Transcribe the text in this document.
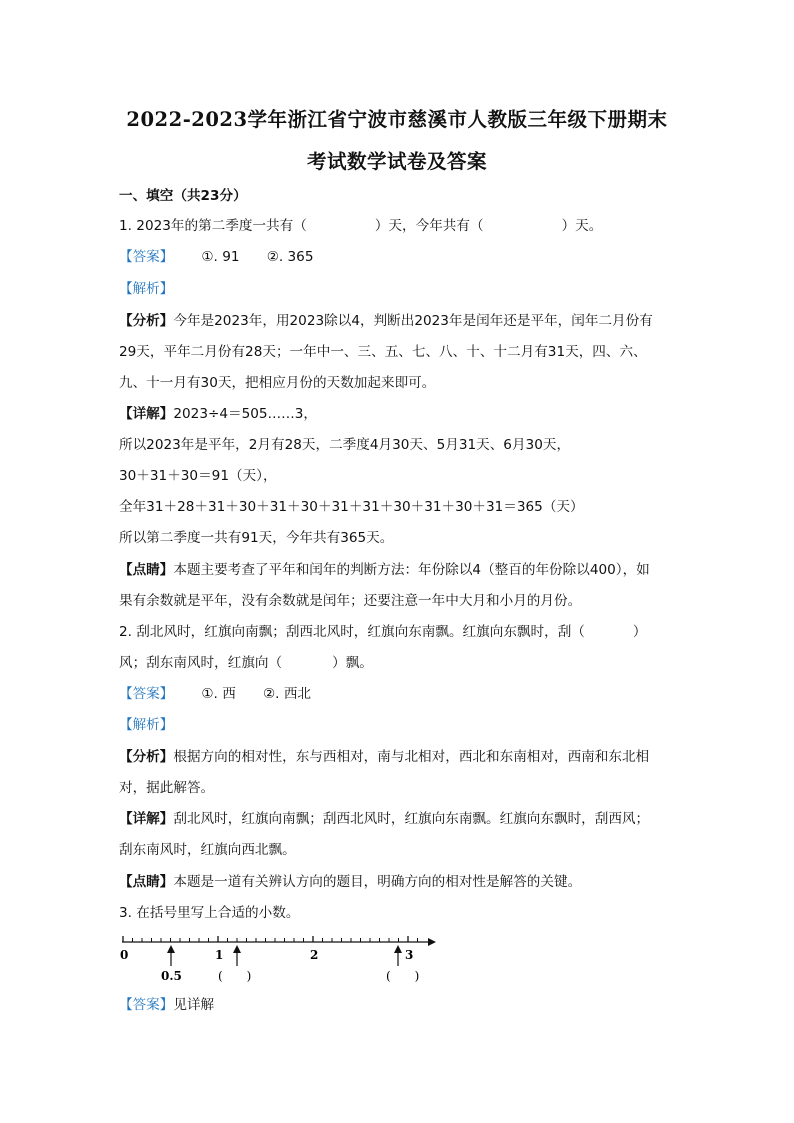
2022-2023学年浙江省宁波市慈溪市人教版三年级下册期末
考试数学试卷及答案
一、填空（共23分）
1. 2023年的第二季度一共有（	）天，今年共有（	）天。
【答案】 ①. 91　　②. 365
【解析】
【分析】今年是2023年，用2023除以4，判断出2023年是闰年还是平年，闰年二月份有
29天，平年二月份有28天；一年中一、三、五、七、八、十、十二月有31天，四、六、
九、十一月有30天，把相应月份的天数加起来即可。
【详解】2023÷4＝505……3，
所以2023年是平年，2月有28天，二季度4月30天、5月31天、6月30天，
30＋31＋30＝91（天），
全年31＋28＋31＋30＋31＋30＋31＋31＋30＋31＋30＋31＝365（天）
所以第二季度一共有91天，今年共有365天。
【点睛】本题主要考查了平年和闰年的判断方法：年份除以4（整百的年份除以400），如
果有余数就是平年，没有余数就是闰年；还要注意一年中大月和小月的月份。
2. 刮北风时，红旗向南飘；刮西北风时，红旗向东南飘。红旗向东飘时，刮（	）
风；刮东南风时，红旗向（	）飘。
【答案】 ①. 西　　②. 西北
【解析】
【分析】根据方向的相对性，东与西相对，南与北相对，西北和东南相对，西南和东北相
对，据此解答。
【详解】刮北风时，红旗向南飘；刮西北风时，红旗向东南飘。红旗向东飘时，刮西风；
刮东南风时，红旗向西北飘。
【点睛】本题是一道有关辨认方向的题目，明确方向的相对性是解答的关键。
3. 在括号里写上合适的小数。
0	1	2	3
0.5	(　　)	(　　)
【答案】见详解
